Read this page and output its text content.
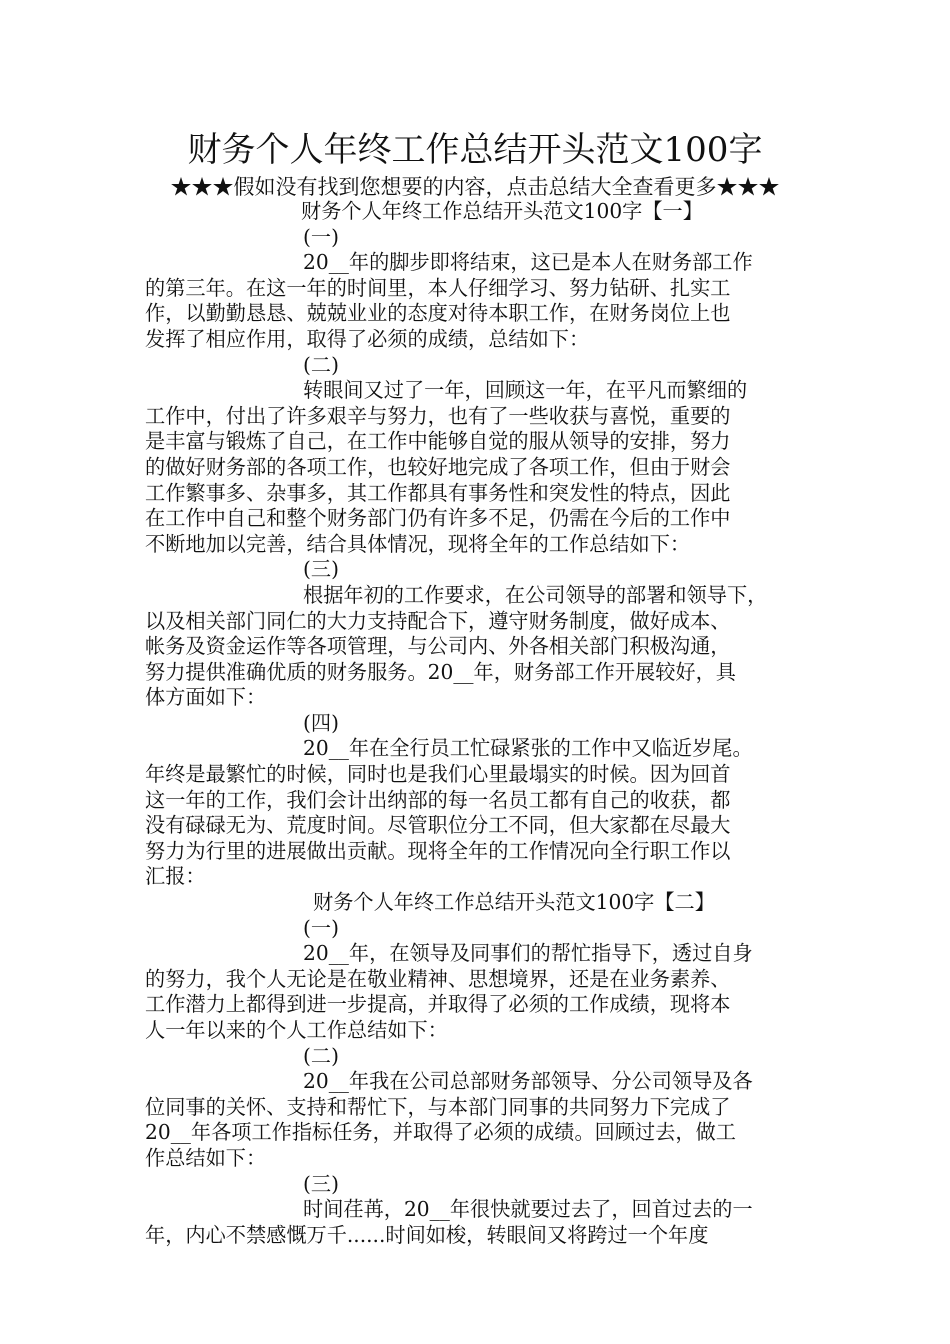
财务个人年终工作总结开头范文100字
★★★假如没有找到您想要的内容，点击总结大全查看更多★★★
财务个人年终工作总结开头范文100字【一】
(一)
20__年的脚步即将结束，这已是本人在财务部工作
的第三年。在这一年的时间里，本人仔细学习、努力钻研、扎实工
作，以勤勤恳恳、兢兢业业的态度对待本职工作，在财务岗位上也
发挥了相应作用，取得了必须的成绩，总结如下：
(二)
转眼间又过了一年，回顾这一年，在平凡而繁细的
工作中，付出了许多艰辛与努力，也有了一些收获与喜悦，重要的
是丰富与锻炼了自己，在工作中能够自觉的服从领导的安排，努力
的做好财务部的各项工作，也较好地完成了各项工作，但由于财会
工作繁事多、杂事多，其工作都具有事务性和突发性的特点，因此
在工作中自己和整个财务部门仍有许多不足，仍需在今后的工作中
不断地加以完善，结合具体情况，现将全年的工作总结如下：
(三)
根据年初的工作要求，在公司领导的部署和领导下，
以及相关部门同仁的大力支持配合下，遵守财务制度，做好成本、
帐务及资金运作等各项管理，与公司内、外各相关部门积极沟通，
努力提供准确优质的财务服务。20__年，财务部工作开展较好，具
体方面如下：
(四)
20__年在全行员工忙碌紧张的工作中又临近岁尾。
年终是最繁忙的时候，同时也是我们心里最塌实的时候。因为回首
这一年的工作，我们会计出纳部的每一名员工都有自己的收获，都
没有碌碌无为、荒度时间。尽管职位分工不同，但大家都在尽最大
努力为行里的进展做出贡献。现将全年的工作情况向全行职工作以
汇报：
财务个人年终工作总结开头范文100字【二】
(一)
20__年，在领导及同事们的帮忙指导下，透过自身
的努力，我个人无论是在敬业精神、思想境界，还是在业务素养、
工作潜力上都得到进一步提高，并取得了必须的工作成绩，现将本
人一年以来的个人工作总结如下：
(二)
20__年我在公司总部财务部领导、分公司领导及各
位同事的关怀、支持和帮忙下，与本部门同事的共同努力下完成了
20__年各项工作指标任务，并取得了必须的成绩。回顾过去，做工
作总结如下：
(三)
时间荏苒，20__年很快就要过去了，回首过去的一
年，内心不禁感慨万千......时间如梭，转眼间又将跨过一个年度
